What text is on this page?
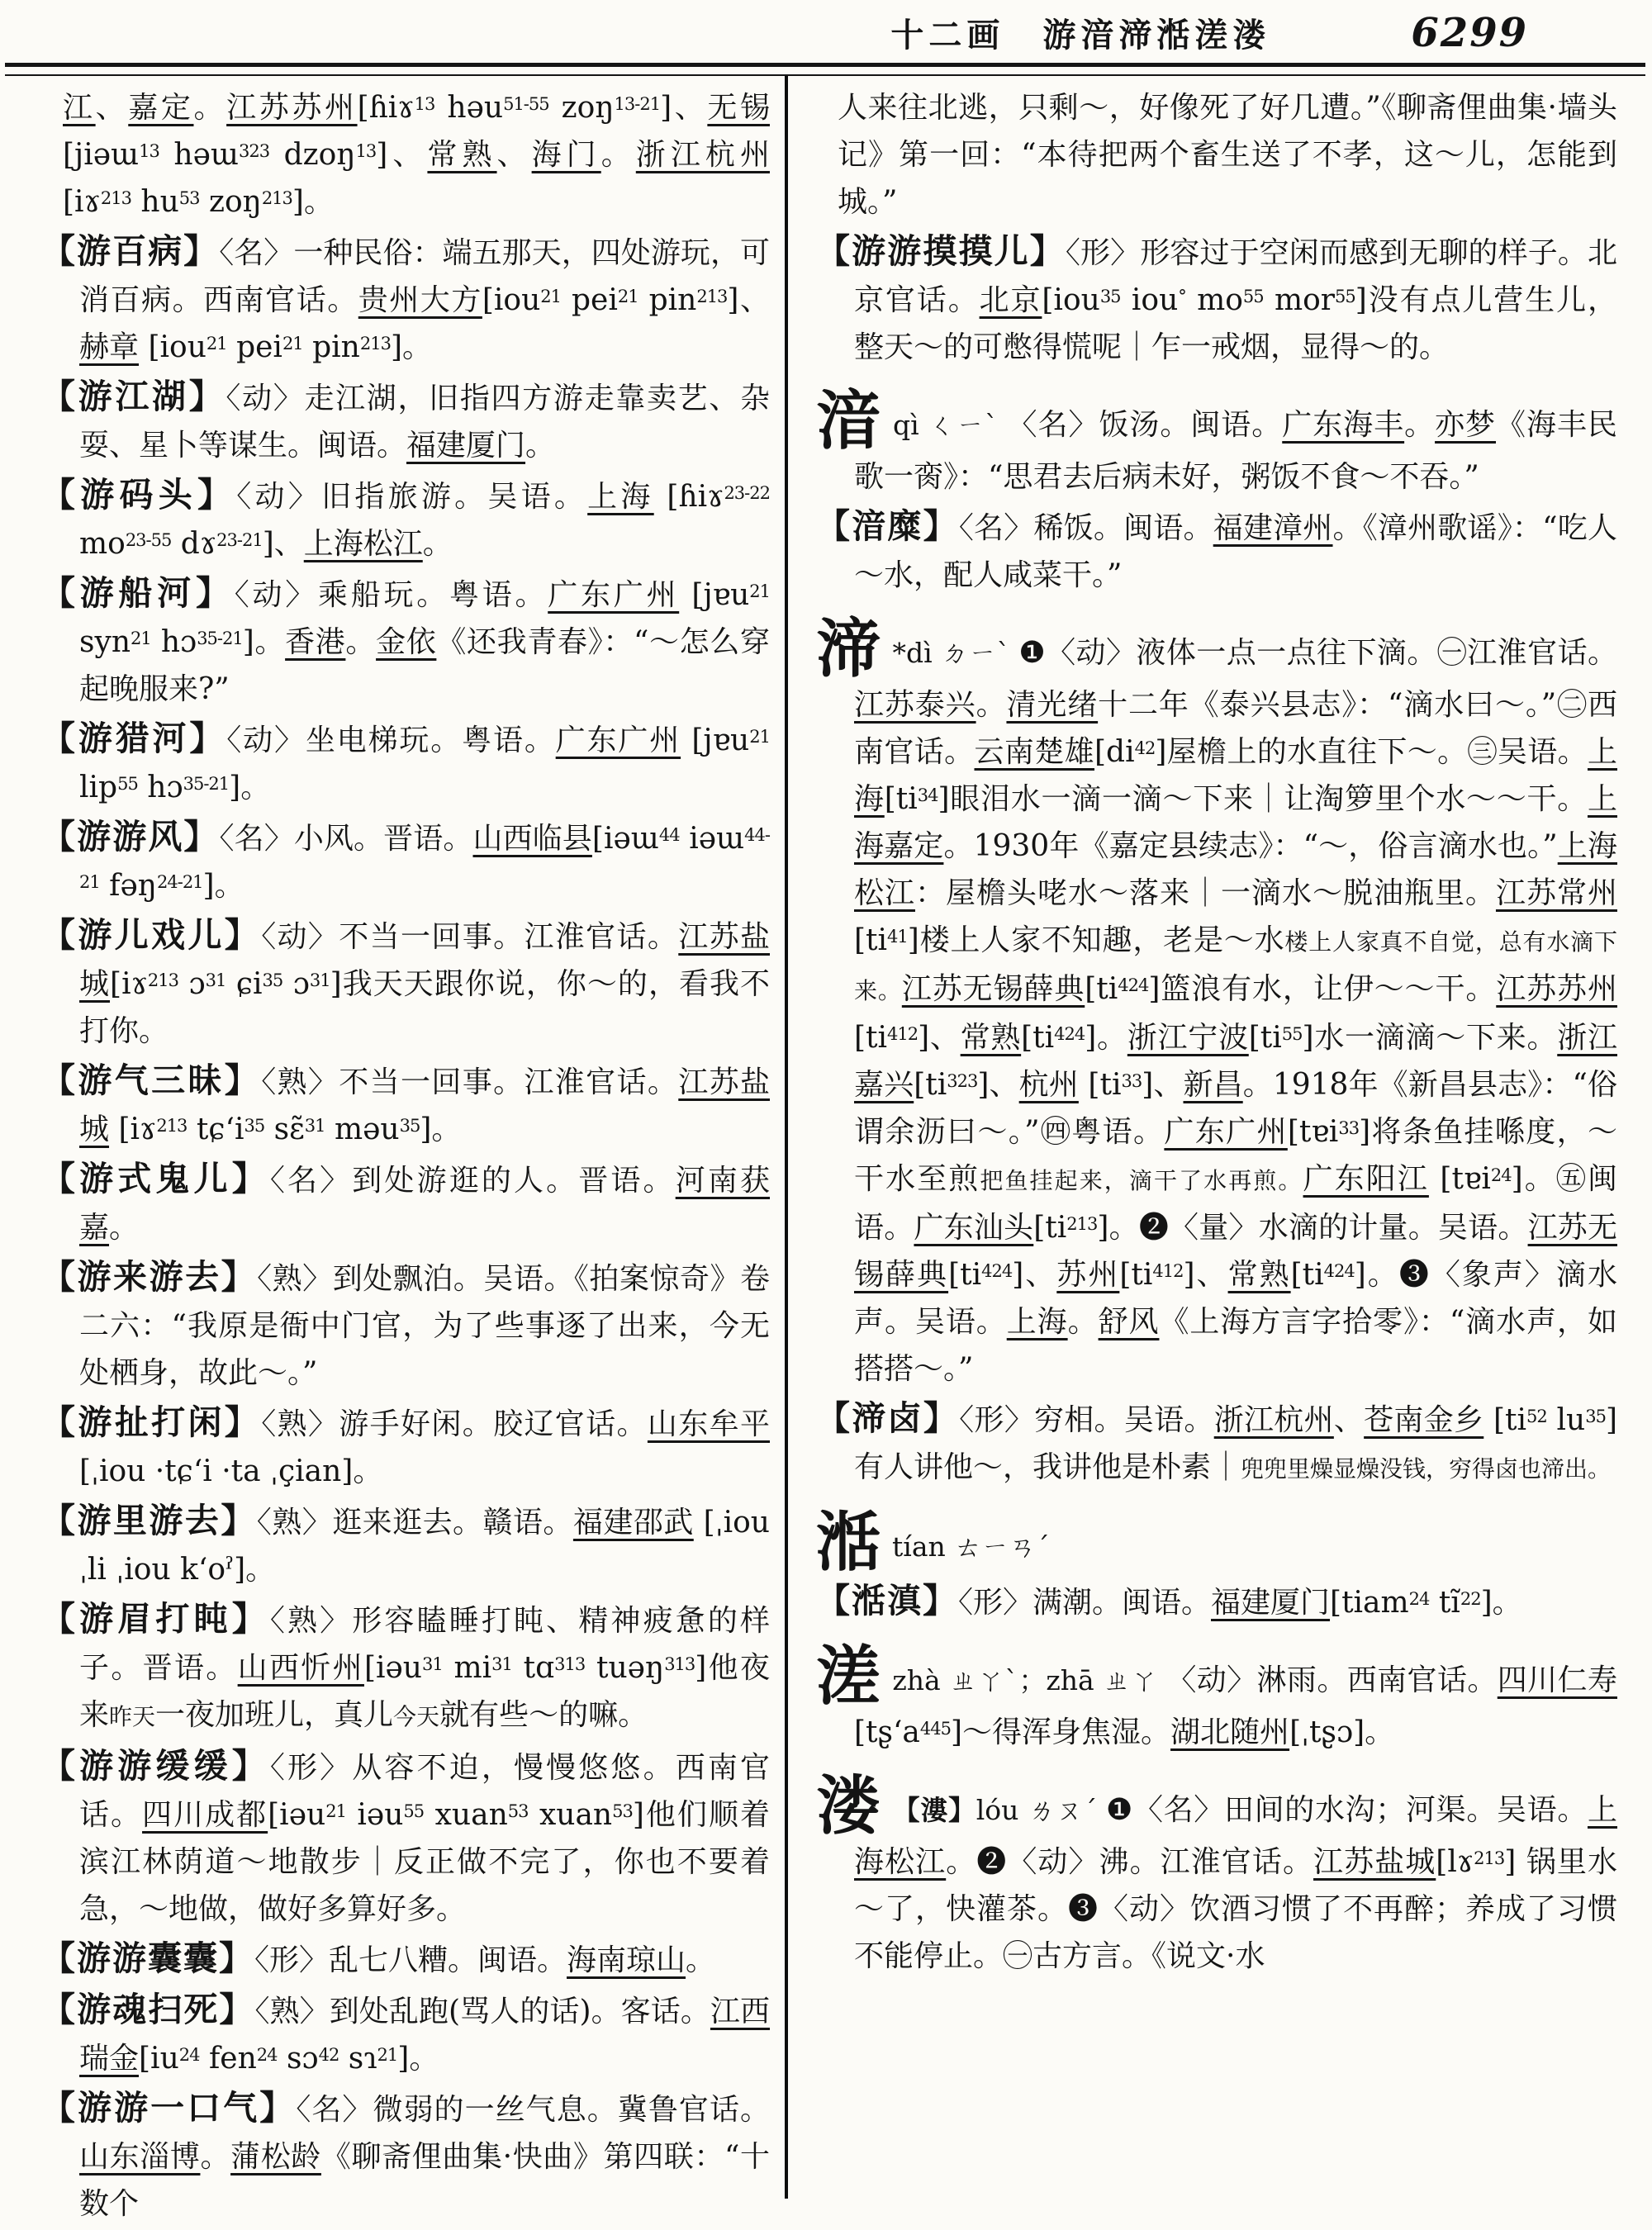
十二画　 游湆渧湉溠溇	6299
江、嘉定。江苏苏州[ɦiɤ$^{13}$ həu$^{51-55}$ zoŋ$^{13-21}$]、无锡[jiəɯ$^{13}$ həɯ$^{323}$ dzoŋ$^{13}$]、常熟、海门。浙江杭州 [iɤ$^{213}$ $hu^{53}$ zoŋ$^{213}$]。
【游百病】〈名〉一种民俗：端五那天，四处游玩，可消百病。西南官话。贵州大方[iou$^{21}$ pei$^{21}$ pin$^{213}$]、赫章 [iou$^{21}$ pei$^{21}$ pin$^{213}$]。
【游江湖】〈动〉走江湖，旧指四方游走靠卖艺、杂耍、星卜等谋生。闽语。福建厦门。
【游码头】〈动〉旧指旅游。吴语。上海 [ɦiɤ$^{23-22}$ $mo^{23-55}$ dɤ$^{23-21}$]、上海松江。
【游船河】〈动〉乘船玩。粤语。广东广州 [jɐu$^{21}$ syn$^{21}$ hɔ$^{35-21}$]。香港。金依《还我青春》：“～怎么穿起晚服来?”
【游猎河】〈动〉坐电梯玩。粤语。广东广州 [jɐu$^{21}$ lip$^{55}$ hɔ$^{35-21}$]。
【游游风】〈名〉小风。晋语。山西临县[iəɯ$^{44}$ iəɯ$^{44-21}$ fəŋ$^{24-21}$]。
【游儿戏儿】〈动〉不当一回事。江淮官话。江苏盐城[iɤ$^{213}$ ɔ$^{31}$ ɕi$^{35}$ ɔ$^{31}$]我天天跟你说，你～的，看我不打你。
【游气三昧】〈熟〉不当一回事。江淮官话。江苏盐城 [iɤ$^{213}$ tɕʻi$^{35}$ sɛ̃$^{31}$ məu$^{35}$]。
【游式鬼儿】〈名〉到处游逛的人。晋语。河南获嘉。
【游来游去】〈熟〉到处飘泊。吴语。《拍案惊奇》卷二六：“我原是衙中门官，为了些事逐了出来，今无处栖身，故此～。”
【游扯打闲】〈熟〉游手好闲。胶辽官话。山东牟平[ˌiou ·tɕʻi ·ta ˌçian]。
【游里游去】〈熟〉逛来逛去。赣语。福建邵武 [ˌiou ˌli ˌiou kʻoˀ]。
【游眉打盹】〈熟〉形容瞌睡打盹、精神疲惫的样子。晋语。山西忻州[iəu$^{31}$ $mi^{31}$ tɑ$^{313}$ tuəŋ$^{313}$]他夜来昨天一夜加班儿，真儿今天就有些～的嘛。
【游游缓缓】〈形〉从容不迫，慢慢悠悠。西南官话。四川成都[iəu$^{21}$ iəu$^{55}$ xuan$^{53}$ xuan$^{53}$]他们顺着滨江林荫道～地散步｜反正做不完了，你也不要着急，～地做，做好多算好多。
【游游囊囊】〈形〉乱七八糟。闽语。海南琼山。
【游魂扫死】〈熟〉到处乱跑(骂人的话)。客话。江西瑞金[$iu^{24}$ fen$^{24}$ sɔ$^{42}$ sɿ$^{21}$]。
【游游一口气】〈名〉微弱的一丝气息。冀鲁官话。山东淄博。蒲松龄《聊斋俚曲集·快曲》第四联：“十数个
人来往北逃，只剩～，好像死了好几遭。”《聊斋俚曲集·墙头记》第一回：“本待把两个畜生送了不孝，这～儿，怎能到城。”
【游游摸摸儿】〈形〉形容过于空闲而感到无聊的样子。北京官话。北京[iou$^{35}$ iou° $mo^{55}$ mor$^{55}$]没有点儿营生儿，整天～的可憋得慌呢｜乍一戒烟，显得～的。
湆qì ㄑㄧˋ 〈名〉饭汤。闽语。广东海丰。亦梦《海丰民歌一脔》：“思君去后病未好，粥饭不食～不吞。”
【湆糜】〈名〉稀饭。闽语。福建漳州。《漳州歌谣》：“吃人～水，配人咸菜干。”
渧 *dì ㄉㄧˋ ❶〈动〉液体一点一点往下滴。㊀江淮官话。江苏泰兴。清光绪十二年《泰兴县志》：“滴水曰～。”㊁西南官话。云南楚雄$[di^{42}]$屋檐上的水直往下～。㊂吴语。上海$[ti^{34}]$眼泪水一滴一滴～下来｜让淘箩里个水～～干。上海嘉定。1930年《嘉定县续志》：“～，俗言滴水也。”上海松江：屋檐头咾水～落来｜一滴水～脱油瓶里。江苏常州$[ti^{41}]$楼上人家不知趣，老是～水楼上人家真不自觉，总有水滴下来。江苏无锡薛典$[ti^{424}]$篮浪有水，让伊～～干。江苏苏州$[ti^{412}]$、常熟$[ti^{424}]$。浙江宁波$[ti^{55}]$水一滴滴～下来。浙江嘉兴$[ti^{323}]$、杭州 $[ti^{33}]$、新昌。1918年《新昌县志》：“俗谓余沥曰～。”㊃粤语。广东广州[tɐi$^{33}$]将条鱼挂喺度，～干水至煎把鱼挂起来，滴干了水再煎。广东阳江 [tɐi$^{24}$]。㊄闽语。广东汕头$[ti^{213}]$。❷〈量〉水滴的计量。吴语。江苏无锡薛典$[ti^{424}]$、苏州$[ti^{412}]$、常熟$[ti^{424}]$。❸〈象声〉滴水声。吴语。上海。舒风《上海方言字拾零》：“滴水声，如搭搭～。”
【渧卤】〈形〉穷相。吴语。浙江杭州、苍南金乡 [$ti^{52}$ $lu^{35}$] 有人讲他～，我讲他是朴素｜兜兜里燥显燥没钱，穷得卤也渧出。
湉tían ㄊㄧㄢˊ
【湉滇】〈形〉满潮。闽语。福建厦门[tiam$^{24}$ $tĩ^{22}$]。
溠zhà ㄓㄚˋ；zhā ㄓㄚ 〈动〉淋雨。西南官话。四川仁寿[tʂʻa$^{445}$]～得浑身焦湿。湖北随州[ˌtʂɔ]。
溇 【漊】lóu ㄌㄡˊ ❶〈名〉田间的水沟；河渠。吴语。上海松江。❷〈动〉沸。江淮官话。江苏盐城[lɤ$^{213}$] 锅里水～了，快灌茶。❸〈动〉饮酒习惯了不再醉；养成了习惯不能停止。㊀古方言。《说文·水
